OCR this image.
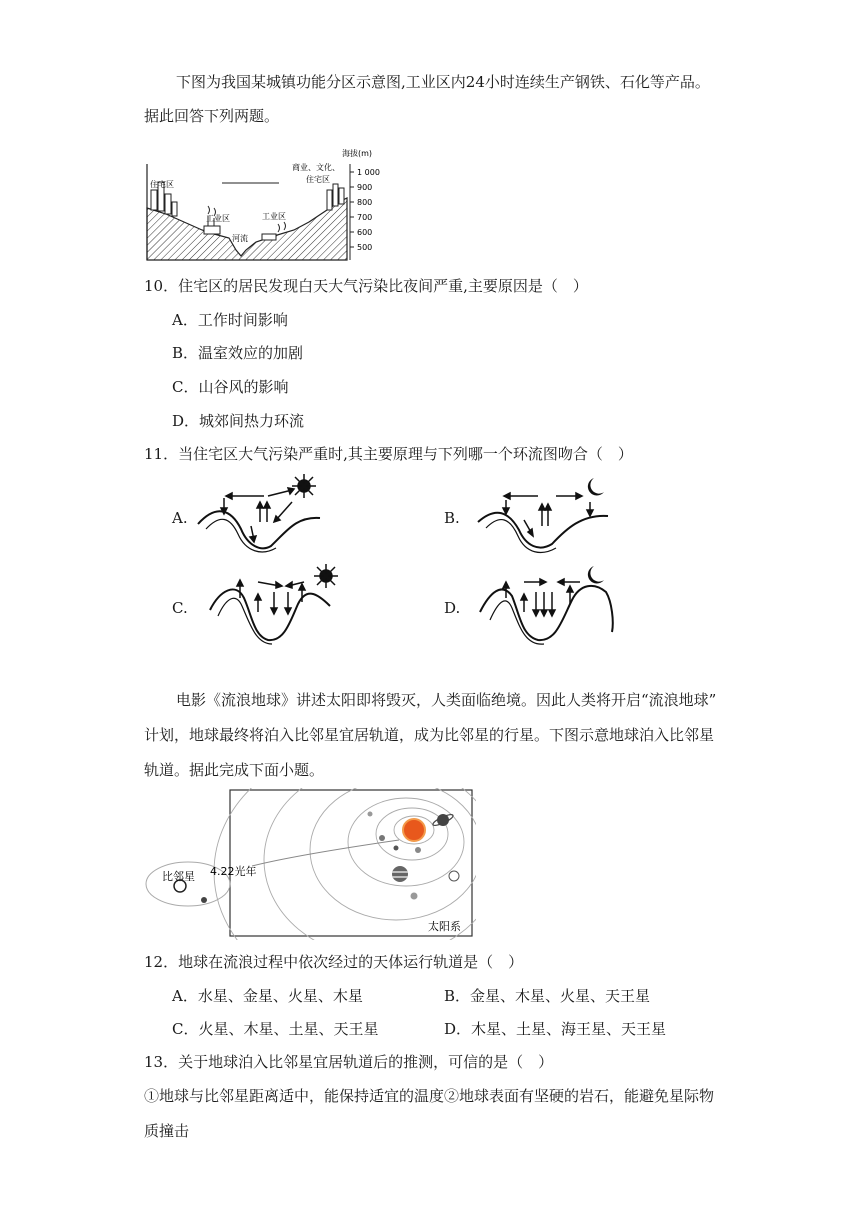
下图为我国某城镇功能分区示意图,工业区内24小时连续生产钢铁、石化等产品。
据此回答下列两题。
海拔(m)
1 000
900
800
700
600
500
住宅区
商业、文化、
住宅区
工业区	工业区
河流
10．住宅区的居民发现白天大气污染比夜间严重,主要原因是（　）
A．工作时间影响
B．温室效应的加剧
C．山谷风的影响
D．城郊间热力环流
11．当住宅区大气污染严重时,其主要原理与下列哪一个环流图吻合（　）
A.	B.
C.	D.
电影《流浪地球》讲述太阳即将毁灭，人类面临绝境。因此人类将开启“流浪地球”
计划，地球最终将泊入比邻星宜居轨道，成为比邻星的行星。下图示意地球泊入比邻星
轨道。据此完成下面小题。
比邻星 4.22光年
太阳系
12．地球在流浪过程中依次经过的天体运行轨道是（　）
A．水星、金星、火星、木星	B．金星、木星、火星、天王星
C．火星、木星、土星、天王星	D．木星、土星、海王星、天王星
13．关于地球泊入比邻星宜居轨道后的推测，可信的是（　）
①地球与比邻星距离适中，能保持适宜的温度②地球表面有坚硬的岩石，能避免星际物
质撞击
